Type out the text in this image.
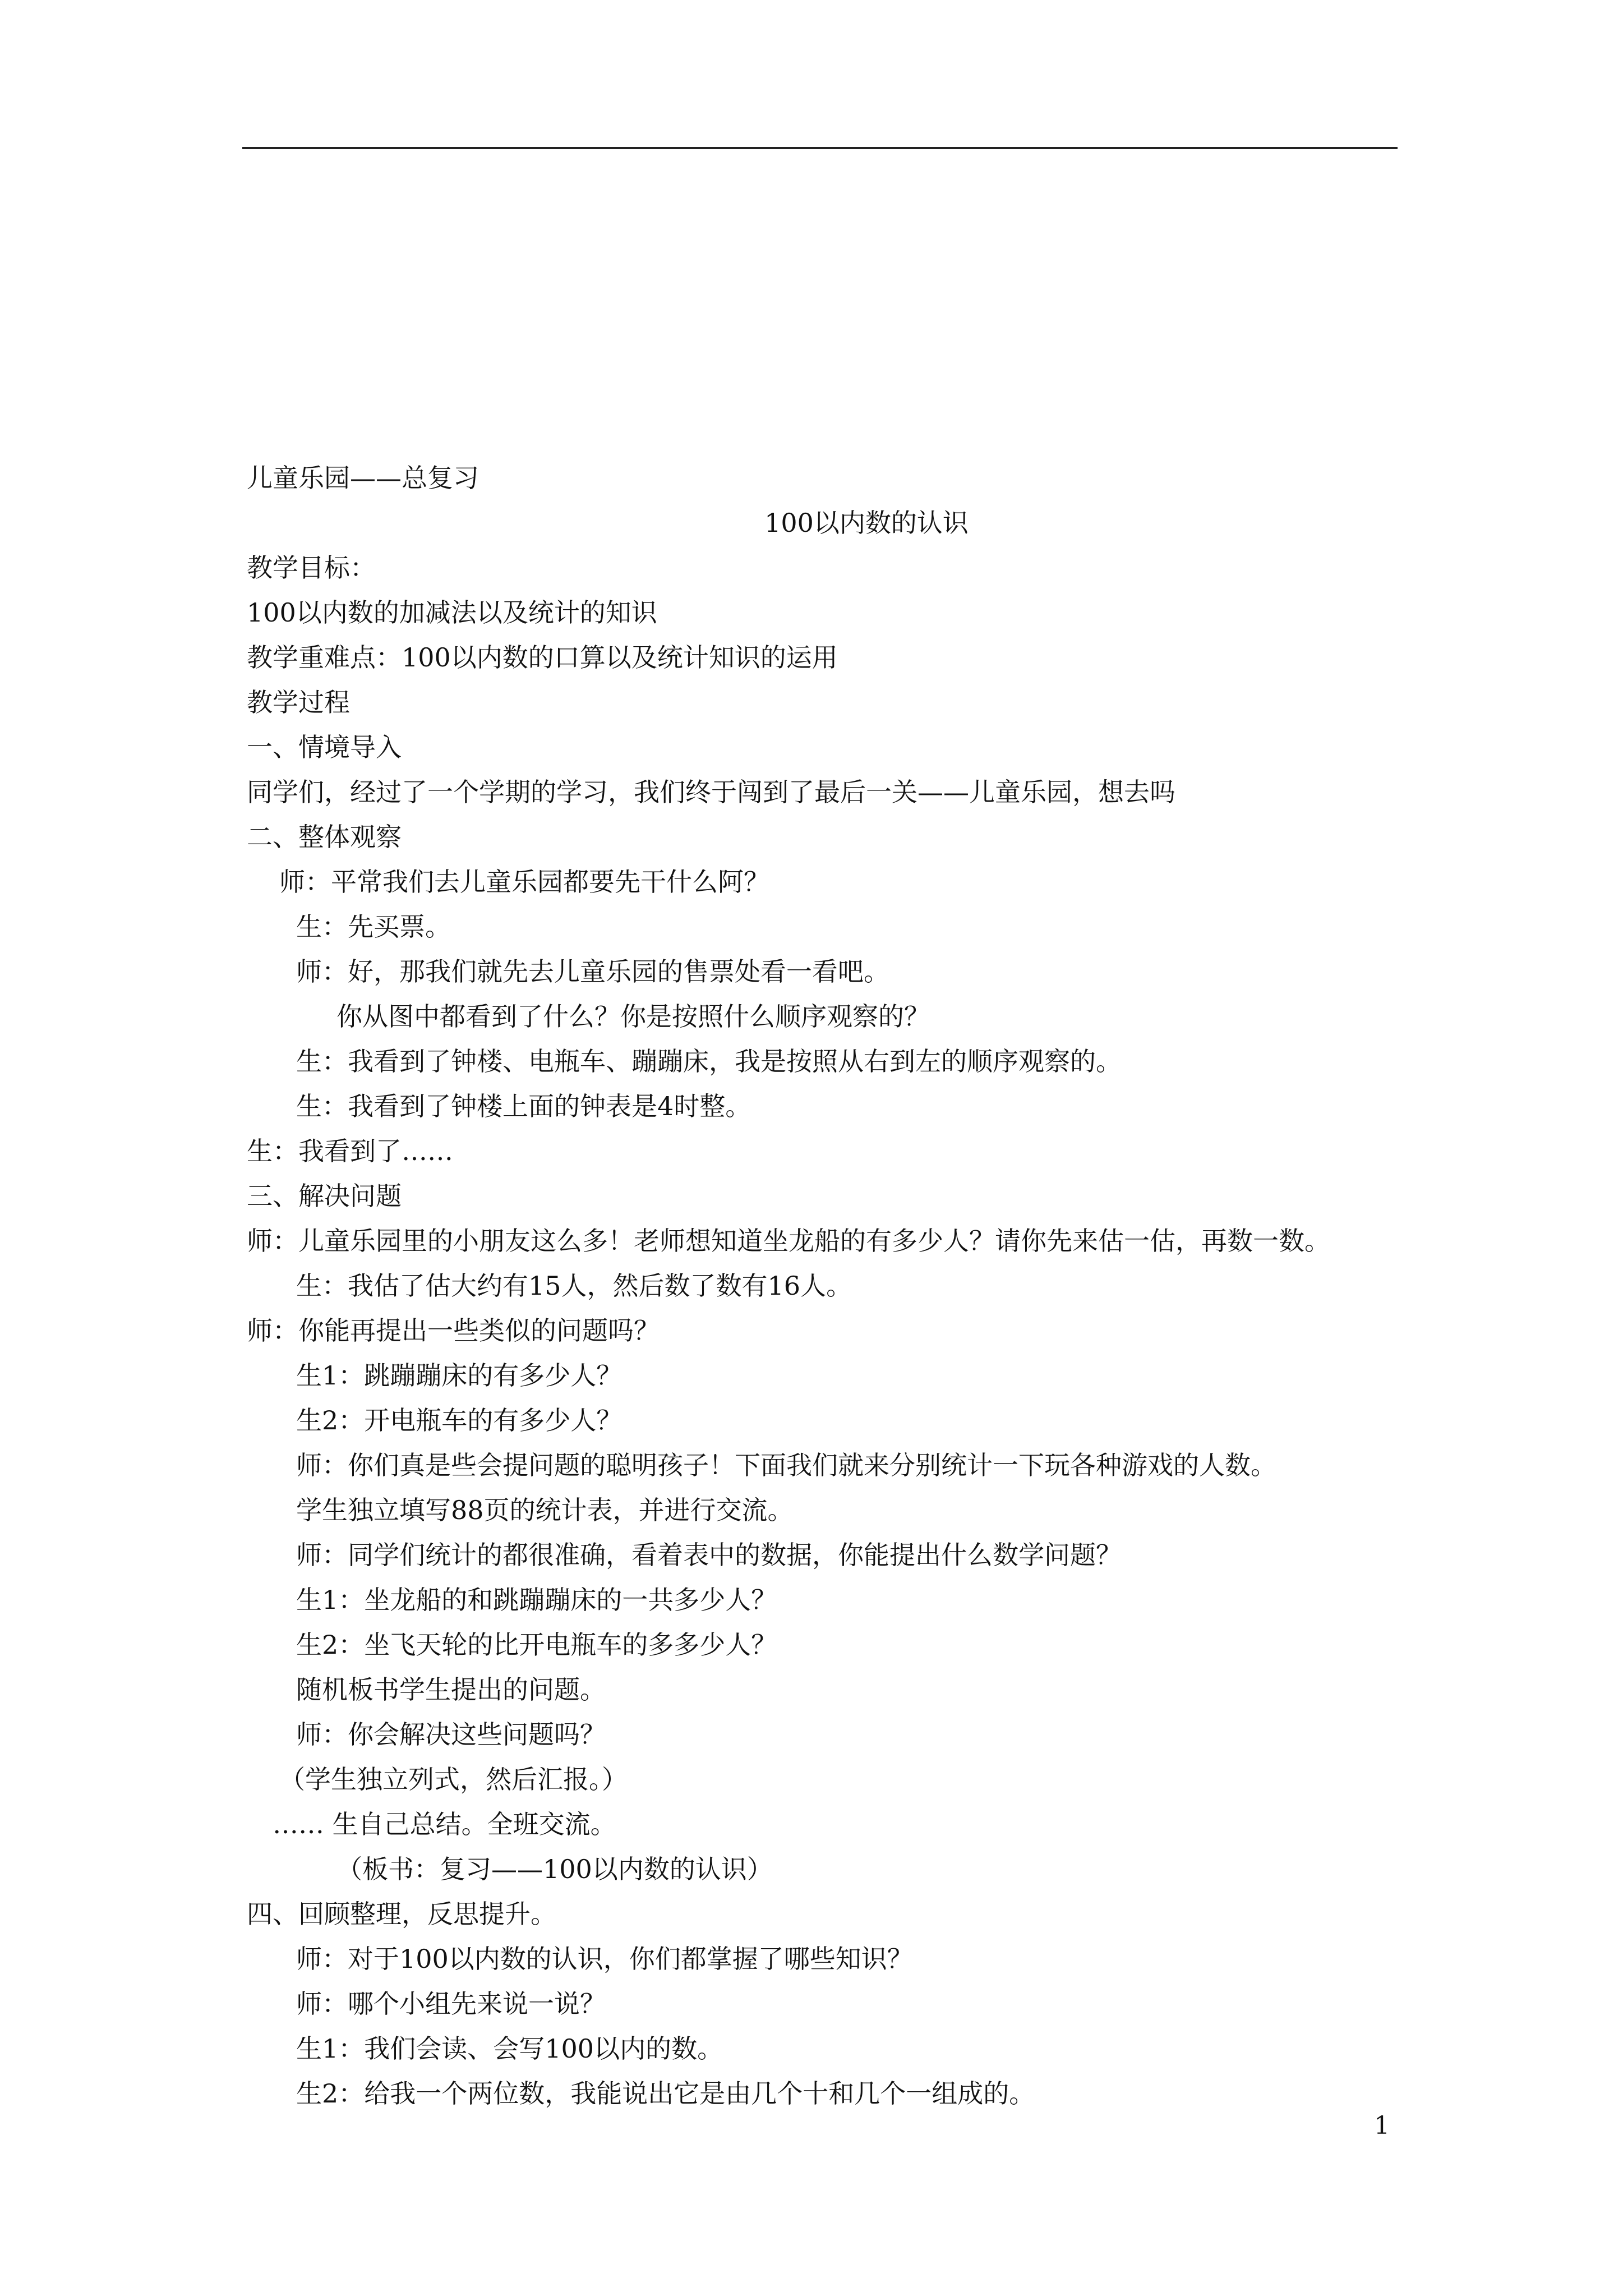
儿童乐园——总复习
100以内数的认识
教学目标：
100以内数的加减法以及统计的知识
教学重难点：100以内数的口算以及统计知识的运用
教学过程
一、情境导入
同学们，经过了一个学期的学习，我们终于闯到了最后一关——儿童乐园，想去吗
二、整体观察
师：平常我们去儿童乐园都要先干什么阿？
生：先买票。
师：好，那我们就先去儿童乐园的售票处看一看吧。
你从图中都看到了什么？你是按照什么顺序观察的？
生：我看到了钟楼、电瓶车、蹦蹦床，我是按照从右到左的顺序观察的。
生：我看到了钟楼上面的钟表是4时整。
生：我看到了……
三、解决问题
师：儿童乐园里的小朋友这么多！老师想知道坐龙船的有多少人？请你先来估一估，再数一数。
生：我估了估大约有15人，然后数了数有16人。
师：你能再提出一些类似的问题吗？
生1：跳蹦蹦床的有多少人？
生2：开电瓶车的有多少人？
师：你们真是些会提问题的聪明孩子！下面我们就来分别统计一下玩各种游戏的人数。
学生独立填写88页的统计表，并进行交流。
师：同学们统计的都很准确，看着表中的数据，你能提出什么数学问题？
生1：坐龙船的和跳蹦蹦床的一共多少人？
生2：坐飞天轮的比开电瓶车的多多少人？
随机板书学生提出的问题。
师：你会解决这些问题吗？
（学生独立列式，然后汇报。）
…… 生自己总结。全班交流。
（板书：复习——100以内数的认识）
四、回顾整理，反思提升。
师：对于100以内数的认识，你们都掌握了哪些知识？
师：哪个小组先来说一说？
生1：我们会读、会写100以内的数。
生2：给我一个两位数，我能说出它是由几个十和几个一组成的。
1
